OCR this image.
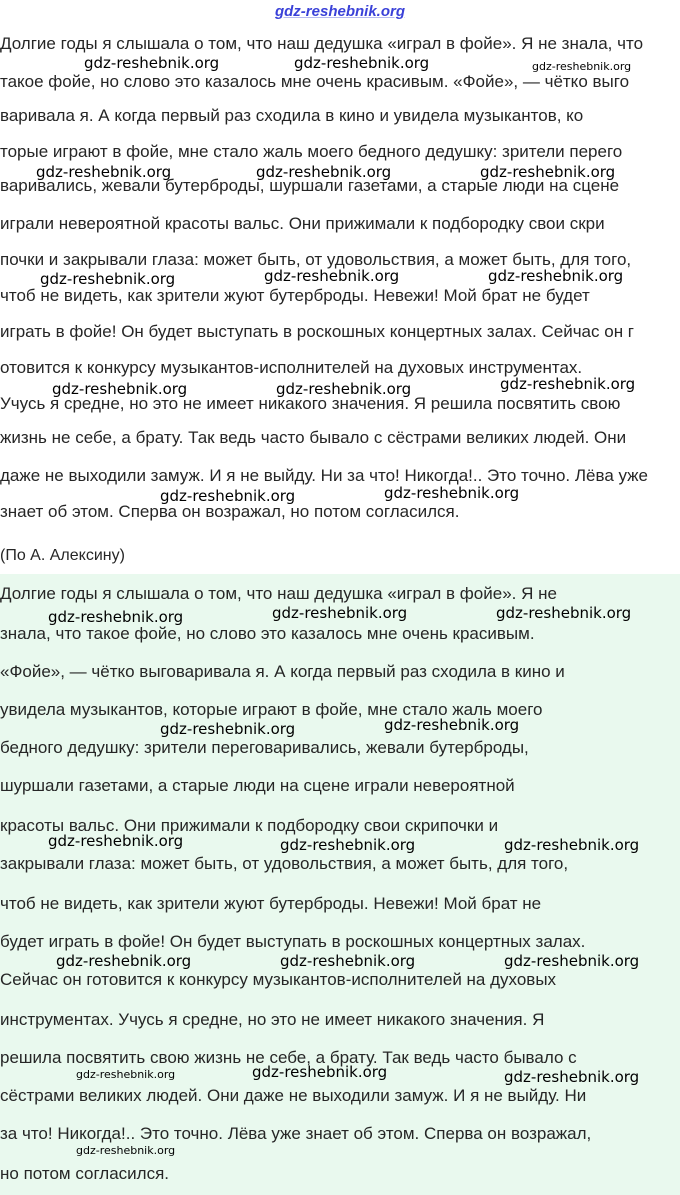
gdz-reshebnik.org
Долгие годы я слышала о том, что наш дедушка «играл в фойе». Я не знала, что
такое фойе, но слово это казалось мне очень красивым. «Фойе», — чётко выго
варивала я. А когда первый раз сходила в кино и увидела музыкантов, ко
торые играют в фойе, мне стало жаль моего бедного дедушку: зрители перего
варивались, жевали бутерброды, шуршали газетами, а старые люди на сцене
играли невероятной красоты вальс. Они прижимали к подбородку свои скри
почки и закрывали глаза: может быть, от удовольствия, а может быть, для того,
чтоб не видеть, как зрители жуют бутерброды. Невежи! Мой брат не будет
играть в фойе! Он будет выступать в роскошных концертных залах. Сейчас он г
отовится к конкурсу музыкантов-исполнителей на духовых инструментах.
Учусь я средне, но это не имеет никакого значения. Я решила посвятить свою
жизнь не себе, а брату. Так ведь часто бывало с сёстрами великих людей. Они
даже не выходили замуж. И я не выйду. Ни за что! Никогда!.. Это точно. Лёва уже
знает об этом. Сперва он возражал, но потом согласился.
gdz-reshebnik.org	gdz-reshebnik.org	gdz-reshebnik.org
gdz-reshebnik.org	gdz-reshebnik.org	gdz-reshebnik.org
gdz-reshebnik.org	gdz-reshebnik.org	gdz-reshebnik.org
gdz-reshebnik.org	gdz-reshebnik.org	gdz-reshebnik.org
gdz-reshebnik.org	gdz-reshebnik.org
(По А. Алексину)
Долгие годы я слышала о том, что наш дедушка «играл в фойе». Я не
знала, что такое фойе, но слово это казалось мне очень красивым.
«Фойе», — чётко выговаривала я. А когда первый раз сходила в кино и
увидела музыкантов, которые играют в фойе, мне стало жаль моего
бедного дедушку: зрители переговаривались, жевали бутерброды,
шуршали газетами, а старые люди на сцене играли невероятной
красоты вальс. Они прижимали к подбородку свои скрипочки и
закрывали глаза: может быть, от удовольствия, а может быть, для того,
чтоб не видеть, как зрители жуют бутерброды. Невежи! Мой брат не
будет играть в фойе! Он будет выступать в роскошных концертных залах.
Сейчас он готовится к конкурсу музыкантов-исполнителей на духовых
инструментах. Учусь я средне, но это не имеет никакого значения. Я
решила посвятить свою жизнь не себе, а брату. Так ведь часто бывало с
сёстрами великих людей. Они даже не выходили замуж. И я не выйду. Ни
за что! Никогда!.. Это точно. Лёва уже знает об этом. Сперва он возражал,
но потом согласился.
gdz-reshebnik.org	gdz-reshebnik.org	gdz-reshebnik.org
gdz-reshebnik.org	gdz-reshebnik.org
gdz-reshebnik.org	gdz-reshebnik.org	gdz-reshebnik.org
gdz-reshebnik.org	gdz-reshebnik.org	gdz-reshebnik.org
gdz-reshebnik.org	gdz-reshebnik.org	gdz-reshebnik.org
gdz-reshebnik.org
